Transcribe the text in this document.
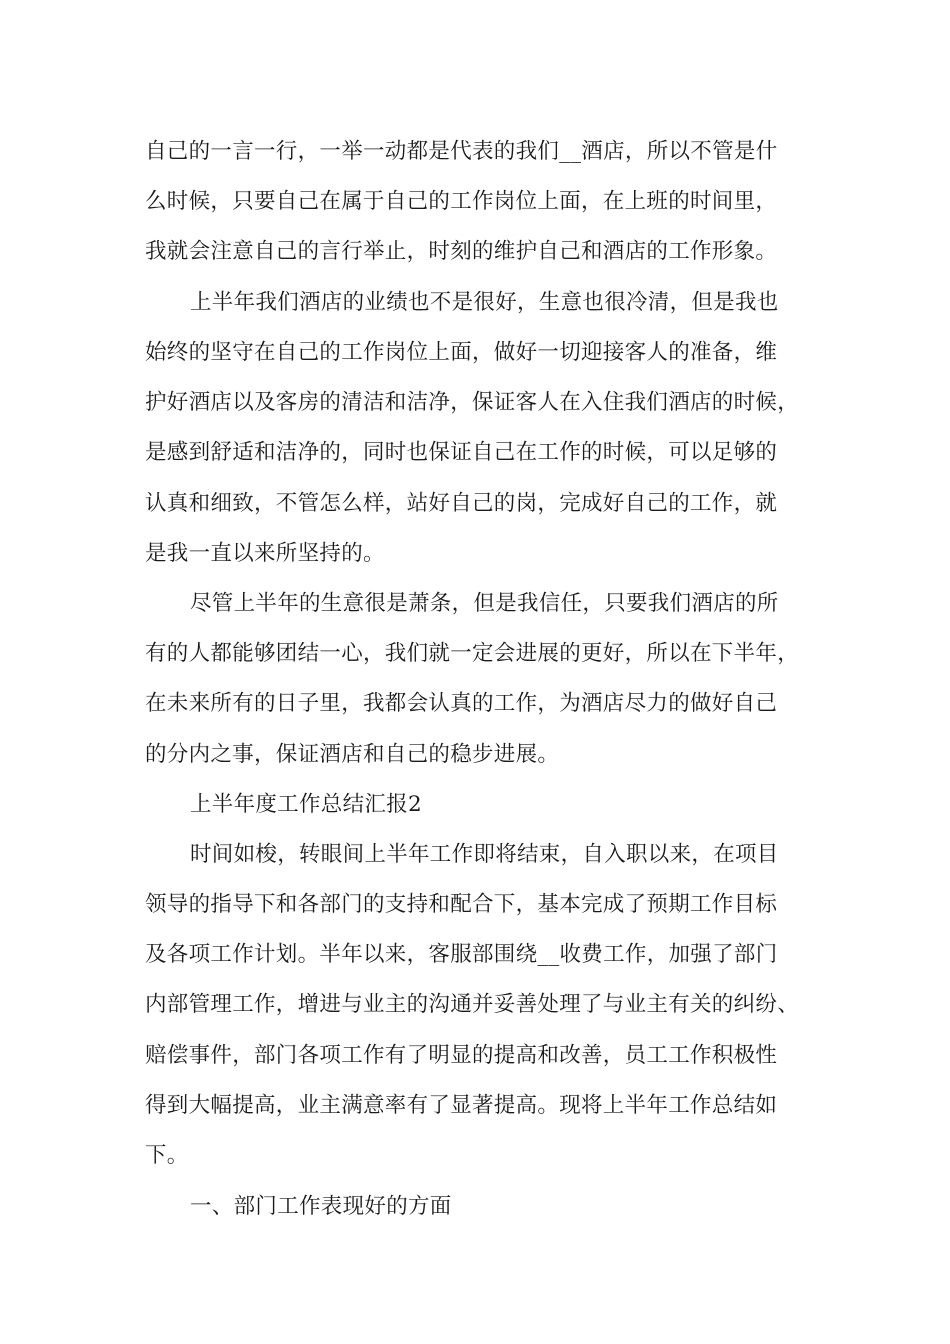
自己的一言一行，一举一动都是代表的我们__酒店，所以不管是什
么时候，只要自己在属于自己的工作岗位上面，在上班的时间里，
我就会注意自己的言行举止，时刻的维护自己和酒店的工作形象。
上半年我们酒店的业绩也不是很好，生意也很冷清，但是我也
始终的坚守在自己的工作岗位上面，做好一切迎接客人的准备，维
护好酒店以及客房的清洁和洁净，保证客人在入住我们酒店的时候，
是感到舒适和洁净的，同时也保证自己在工作的时候，可以足够的
认真和细致，不管怎么样，站好自己的岗，完成好自己的工作，就
是我一直以来所坚持的。
尽管上半年的生意很是萧条，但是我信任，只要我们酒店的所
有的人都能够团结一心，我们就一定会进展的更好，所以在下半年，
在未来所有的日子里，我都会认真的工作，为酒店尽力的做好自己
的分内之事，保证酒店和自己的稳步进展。
上半年度工作总结汇报2
时间如梭，转眼间上半年工作即将结束，自入职以来，在项目
领导的指导下和各部门的支持和配合下，基本完成了预期工作目标
及各项工作计划。半年以来，客服部围绕__收费工作，加强了部门
内部管理工作，增进与业主的沟通并妥善处理了与业主有关的纠纷、
赔偿事件，部门各项工作有了明显的提高和改善，员工工作积极性
得到大幅提高，业主满意率有了显著提高。现将上半年工作总结如
下。
一、部门工作表现好的方面
